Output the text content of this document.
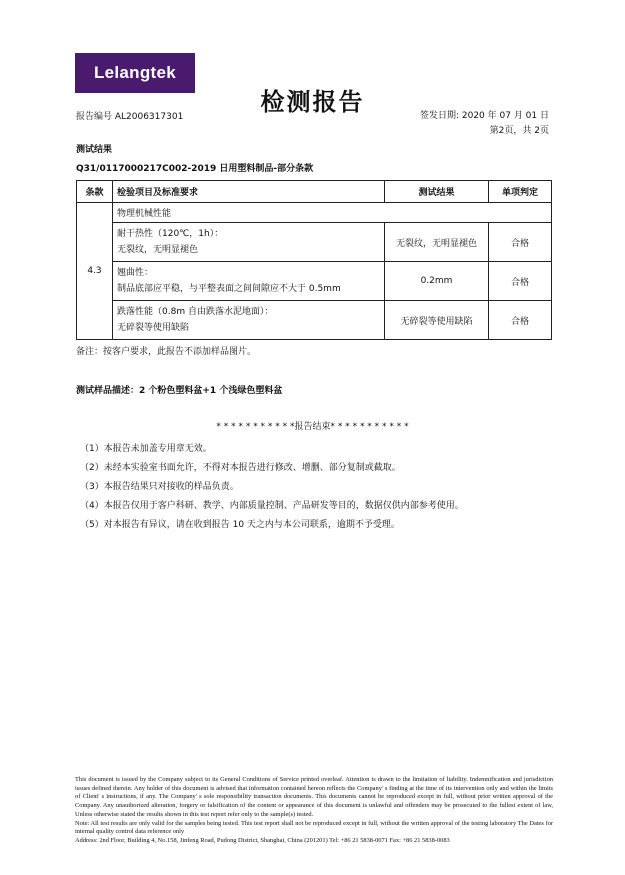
Lelangtek
检测报告
报告编号 AL2006317301	签发日期: 2020 年 07 月 01 日
第2页，共 2页
测试结果
Q31/0117000217C002-2019 日用塑料制品-部分条款
条款	检验项目及标准要求	测试结果	单项判定
4.3	物理机械性能		

	耐干热性（120℃，1h）：
无裂纹，无明显褪色	无裂纹，无明显褪色	合格

	翘曲性：
制品底部应平稳，与平整表面之间间隙应不大于 0.5mm	0.2mm	合格

	跌落性能（0.8m 自由跌落水泥地面）：
无碎裂等使用缺陷	无碎裂等使用缺陷	合格
备注：按客户要求，此报告不添加样品图片。
测试样品描述：2 个粉色塑料盆+1 个浅绿色塑料盆
* * * * * * * * * * *报告结束* * * * * * * * * * *
（1）本报告未加盖专用章无效。
（2）未经本实验室书面允许，不得对本报告进行修改、增删、部分复制或截取。
（3）本报告结果只对接收的样品负责。
（4）本报告仅用于客户科研、教学、内部质量控制、产品研发等目的，数据仅供内部参考使用。
（5）对本报告有异议，请在收到报告 10 天之内与本公司联系，逾期不予受理。
This document is issued by the Company subject to its General Conditions of Service printed overleaf. Attention is drawn to the limitation of liability. Indemnification and jurisdiction issues defined therein. Any holder of this document is advised that information contained hereon reflects the Company' s finding at the time of its intervention only and within the limits of Client' s instructions, if any. The Company' s sole responsibility transaction documents. This documents cannot be reproduced except in full, without prior written approval of the Company. Any unauthorized alteration, forgery or falsification of the content or appearance of this document is unlawful and offenders may be prosecuted to the fullest extent of law, Unless otherwise stated the results shown in this test report refer only to the sample(s) tested.
Note: All test results are only valid for the samples being tested. This test report shall not be reproduced except in full, without the written approval of the testing laboratory The Dates for internal quality control data reference only
Address: 2nd Floor, Building 4, No.158, Jinfeng Road, Pudong District, Shanghai, China (201201) Tel: +86 21 5838-0071 Fax: +86 21 5838-0083
